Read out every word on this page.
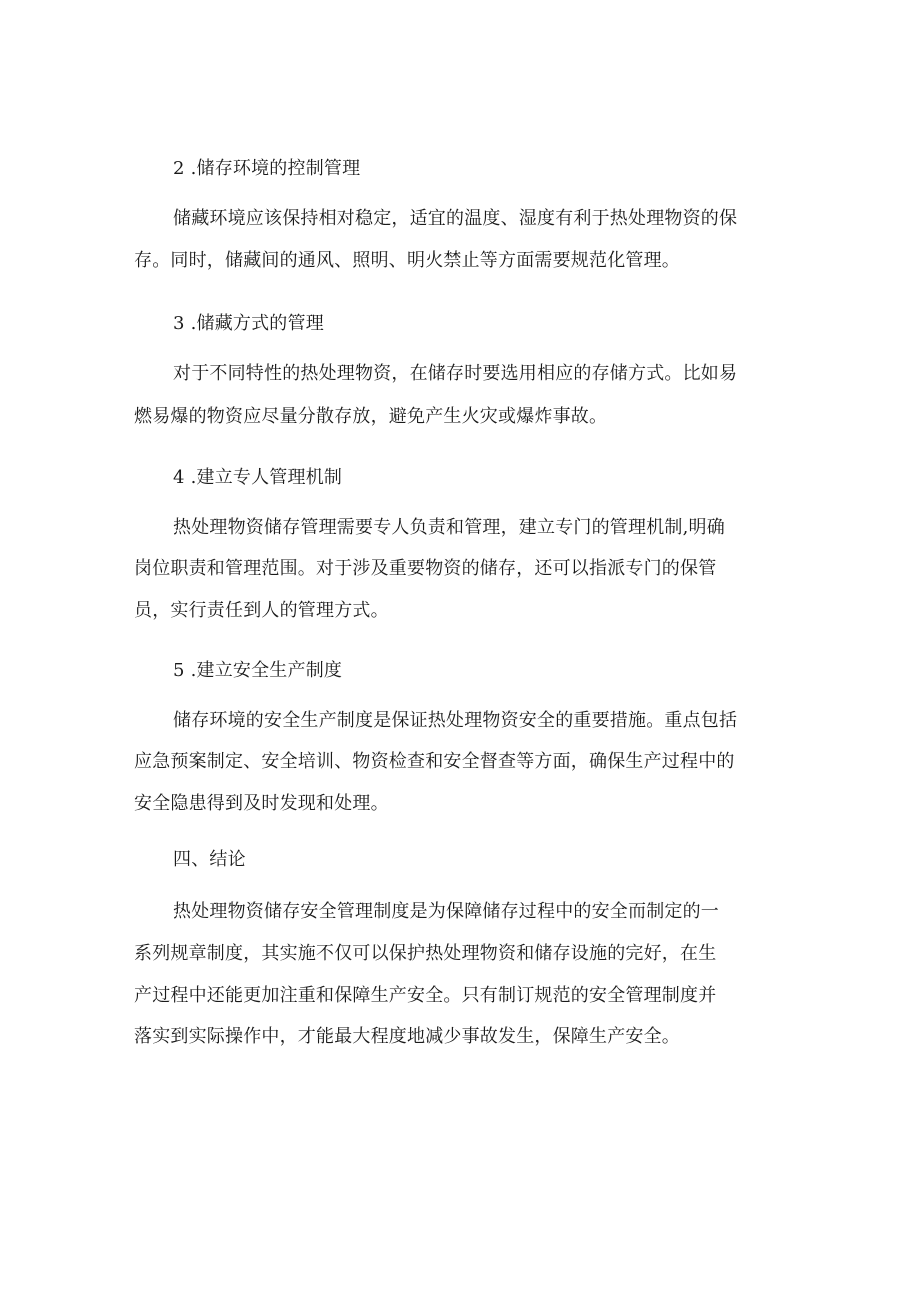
2 .储存环境的控制管理
储藏环境应该保持相对稳定，适宜的温度、湿度有利于热处理物资的保
存。同时，储藏间的通风、照明、明火禁止等方面需要规范化管理。
3 .储藏方式的管理
对于不同特性的热处理物资，在储存时要选用相应的存储方式。比如易
燃易爆的物资应尽量分散存放，避免产生火灾或爆炸事故。
4 .建立专人管理机制
热处理物资储存管理需要专人负责和管理，建立专门的管理机制,明确
岗位职责和管理范围。对于涉及重要物资的储存，还可以指派专门的保管
员，实行责任到人的管理方式。
5 .建立安全生产制度
储存环境的安全生产制度是保证热处理物资安全的重要措施。重点包括
应急预案制定、安全培训、物资检查和安全督查等方面，确保生产过程中的
安全隐患得到及时发现和处理。
四、结论
热处理物资储存安全管理制度是为保障储存过程中的安全而制定的一
系列规章制度，其实施不仅可以保护热处理物资和储存设施的完好，在生
产过程中还能更加注重和保障生产安全。只有制订规范的安全管理制度并
落实到实际操作中，才能最大程度地减少事故发生，保障生产安全。
